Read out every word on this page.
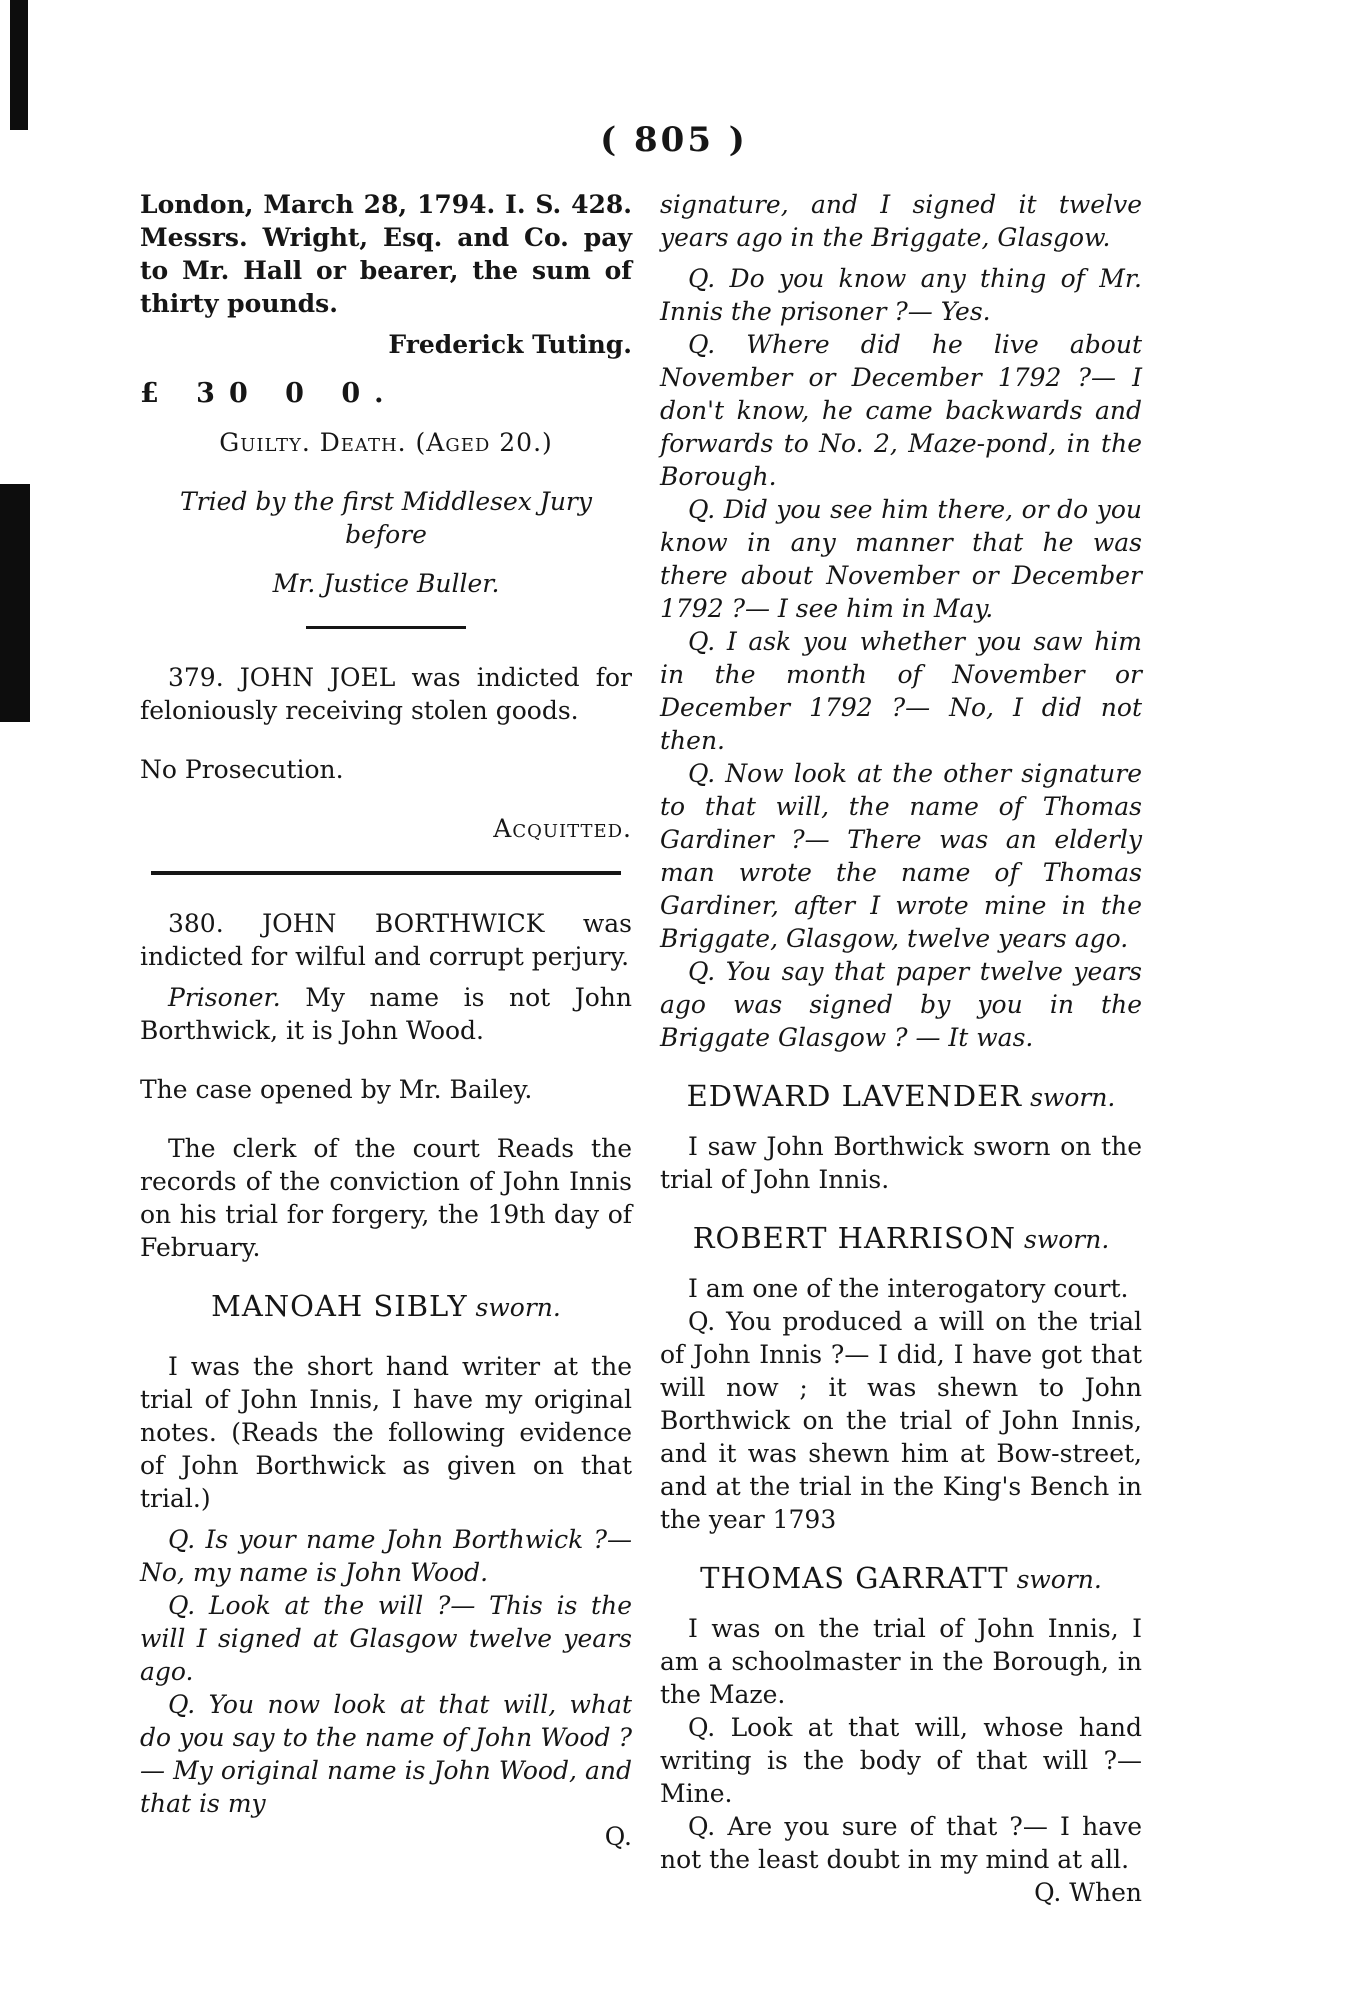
( 805 )

London, March 28, 1794. I. S. 428. Messrs. Wright, Esq. and Co. pay to Mr. Hall or bearer, the sum of thirty pounds.

Frederick Tuting.

£ 30 0 0.

Guilty. Death. (Aged 20.)

Tried by the first Middlesex Jury before

Mr. Justice Buller.

379. JOHN JOEL was indicted for feloniously receiving stolen goods.

No Prosecution.

Acquitted.

380. JOHN BORTHWICK was indicted for wilful and corrupt perjury.

Prisoner. My name is not John Borthwick, it is John Wood.

The case opened by Mr. Bailey.

The clerk of the court Reads the records of the conviction of John Innis on his trial for forgery, the 19th day of February.

MANOAH SIBLY sworn.

I was the short hand writer at the trial of John Innis, I have my original notes. (Reads the following evidence of John Borthwick as given on that trial.)

Q. Is your name John Borthwick ?— No, my name is John Wood.

Q. Look at the will ?— This is the will I signed at Glasgow twelve years ago.

Q. You now look at that will, what do you say to the name of John Wood ?— My original name is John Wood, and that is my

Q.

signature, and I signed it twelve years ago in the Briggate, Glasgow.

Q. Do you know any thing of Mr. Innis the prisoner ?— Yes.

Q. Where did he live about November or December 1792 ?— I don't know, he came backwards and forwards to No. 2, Maze-pond, in the Borough.

Q. Did you see him there, or do you know in any manner that he was there about November or December 1792 ?— I see him in May.

Q. I ask you whether you saw him in the month of November or December 1792 ?— No, I did not then.

Q. Now look at the other signature to that will, the name of Thomas Gardiner ?— There was an elderly man wrote the name of Thomas Gardiner, after I wrote mine in the Briggate, Glasgow, twelve years ago.

Q. You say that paper twelve years ago was signed by you in the Briggate Glasgow ? — It was.

EDWARD LAVENDER sworn.

I saw John Borthwick sworn on the trial of John Innis.

ROBERT HARRISON sworn.

I am one of the interogatory court.

Q. You produced a will on the trial of John Innis ?— I did, I have got that will now ; it was shewn to John Borthwick on the trial of John Innis, and it was shewn him at Bow-street, and at the trial in the King's Bench in the year 1793

THOMAS GARRATT sworn.

I was on the trial of John Innis, I am a schoolmaster in the Borough, in the Maze.

Q. Look at that will, whose hand writing is the body of that will ?— Mine.

Q. Are you sure of that ?— I have not the least doubt in my mind at all.

Q. When
